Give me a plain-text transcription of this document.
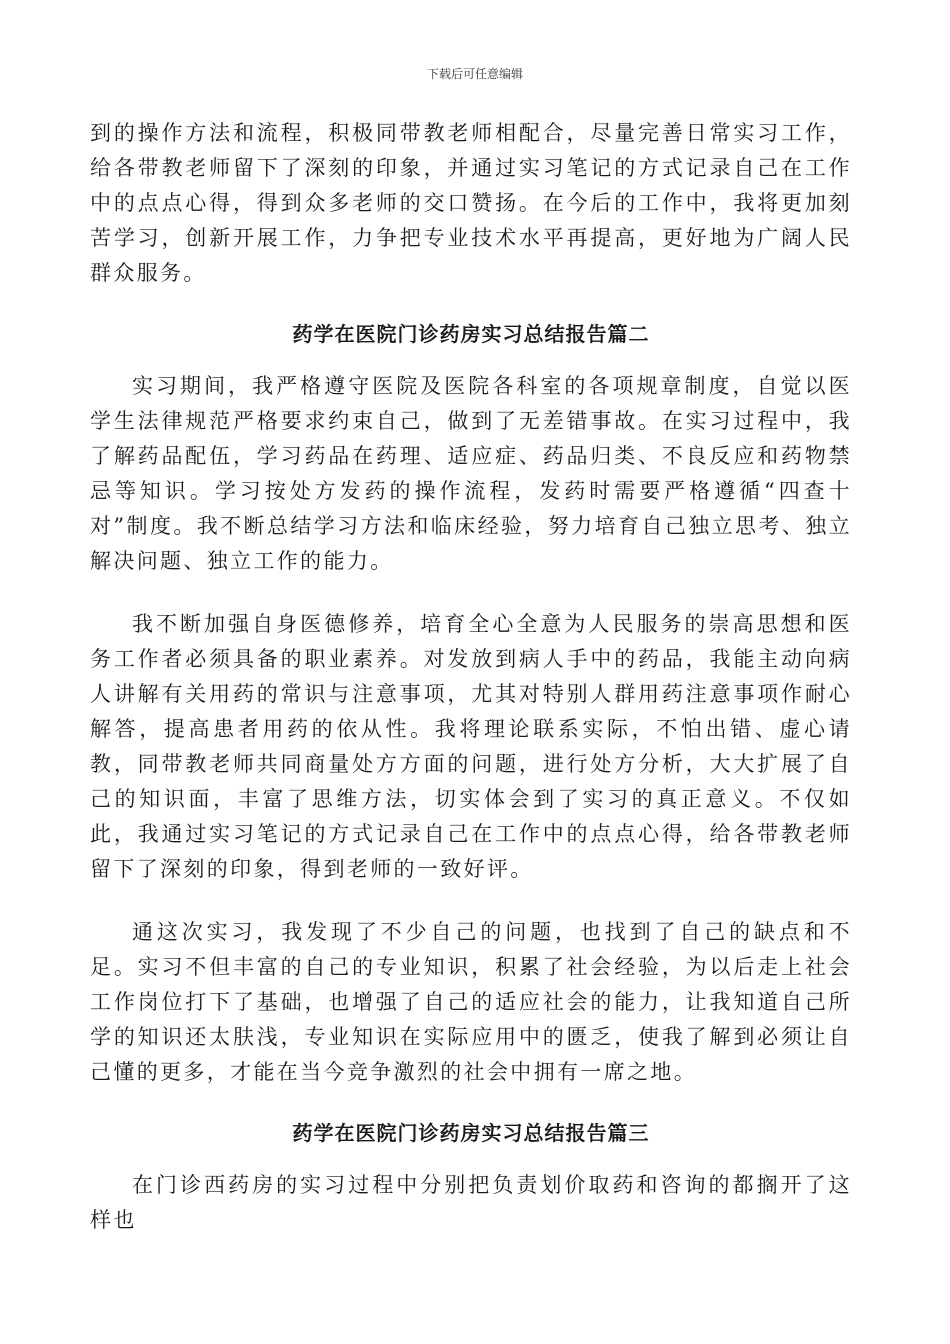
下载后可任意编辑

到的操作方法和流程，积极同带教老师相配合，尽量完善日常实习工作，给各带教老师留下了深刻的印象，并通过实习笔记的方式记录自己在工作中的点点心得，得到众多老师的交口赞扬。在今后的工作中，我将更加刻苦学习，创新开展工作，力争把专业技术水平再提高，更好地为广阔人民群众服务。

药学在医院门诊药房实习总结报告篇二

实习期间，我严格遵守医院及医院各科室的各项规章制度，自觉以医学生法律规范严格要求约束自己，做到了无差错事故。在实习过程中，我了解药品配伍，学习药品在药理、适应症、药品归类、不良反应和药物禁忌等知识。学习按处方发药的操作流程，发药时需要严格遵循“四查十对”制度。我不断总结学习方法和临床经验，努力培育自己独立思考、独立解决问题、独立工作的能力。

我不断加强自身医德修养，培育全心全意为人民服务的崇高思想和医务工作者必须具备的职业素养。对发放到病人手中的药品，我能主动向病人讲解有关用药的常识与注意事项，尤其对特别人群用药注意事项作耐心解答，提高患者用药的依从性。我将理论联系实际，不怕出错、虚心请教，同带教老师共同商量处方方面的问题，进行处方分析，大大扩展了自己的知识面，丰富了思维方法，切实体会到了实习的真正意义。不仅如此，我通过实习笔记的方式记录自己在工作中的点点心得，给各带教老师留下了深刻的印象，得到老师的一致好评。

通这次实习，我发现了不少自己的问题，也找到了自己的缺点和不足。实习不但丰富的自己的专业知识，积累了社会经验，为以后走上社会工作岗位打下了基础，也增强了自己的适应社会的能力，让我知道自己所学的知识还太肤浅，专业知识在实际应用中的匮乏，使我了解到必须让自己懂的更多，才能在当今竞争激烈的社会中拥有一席之地。

药学在医院门诊药房实习总结报告篇三

在门诊西药房的实习过程中分别把负责划价取药和咨询的都搁开了这样也
